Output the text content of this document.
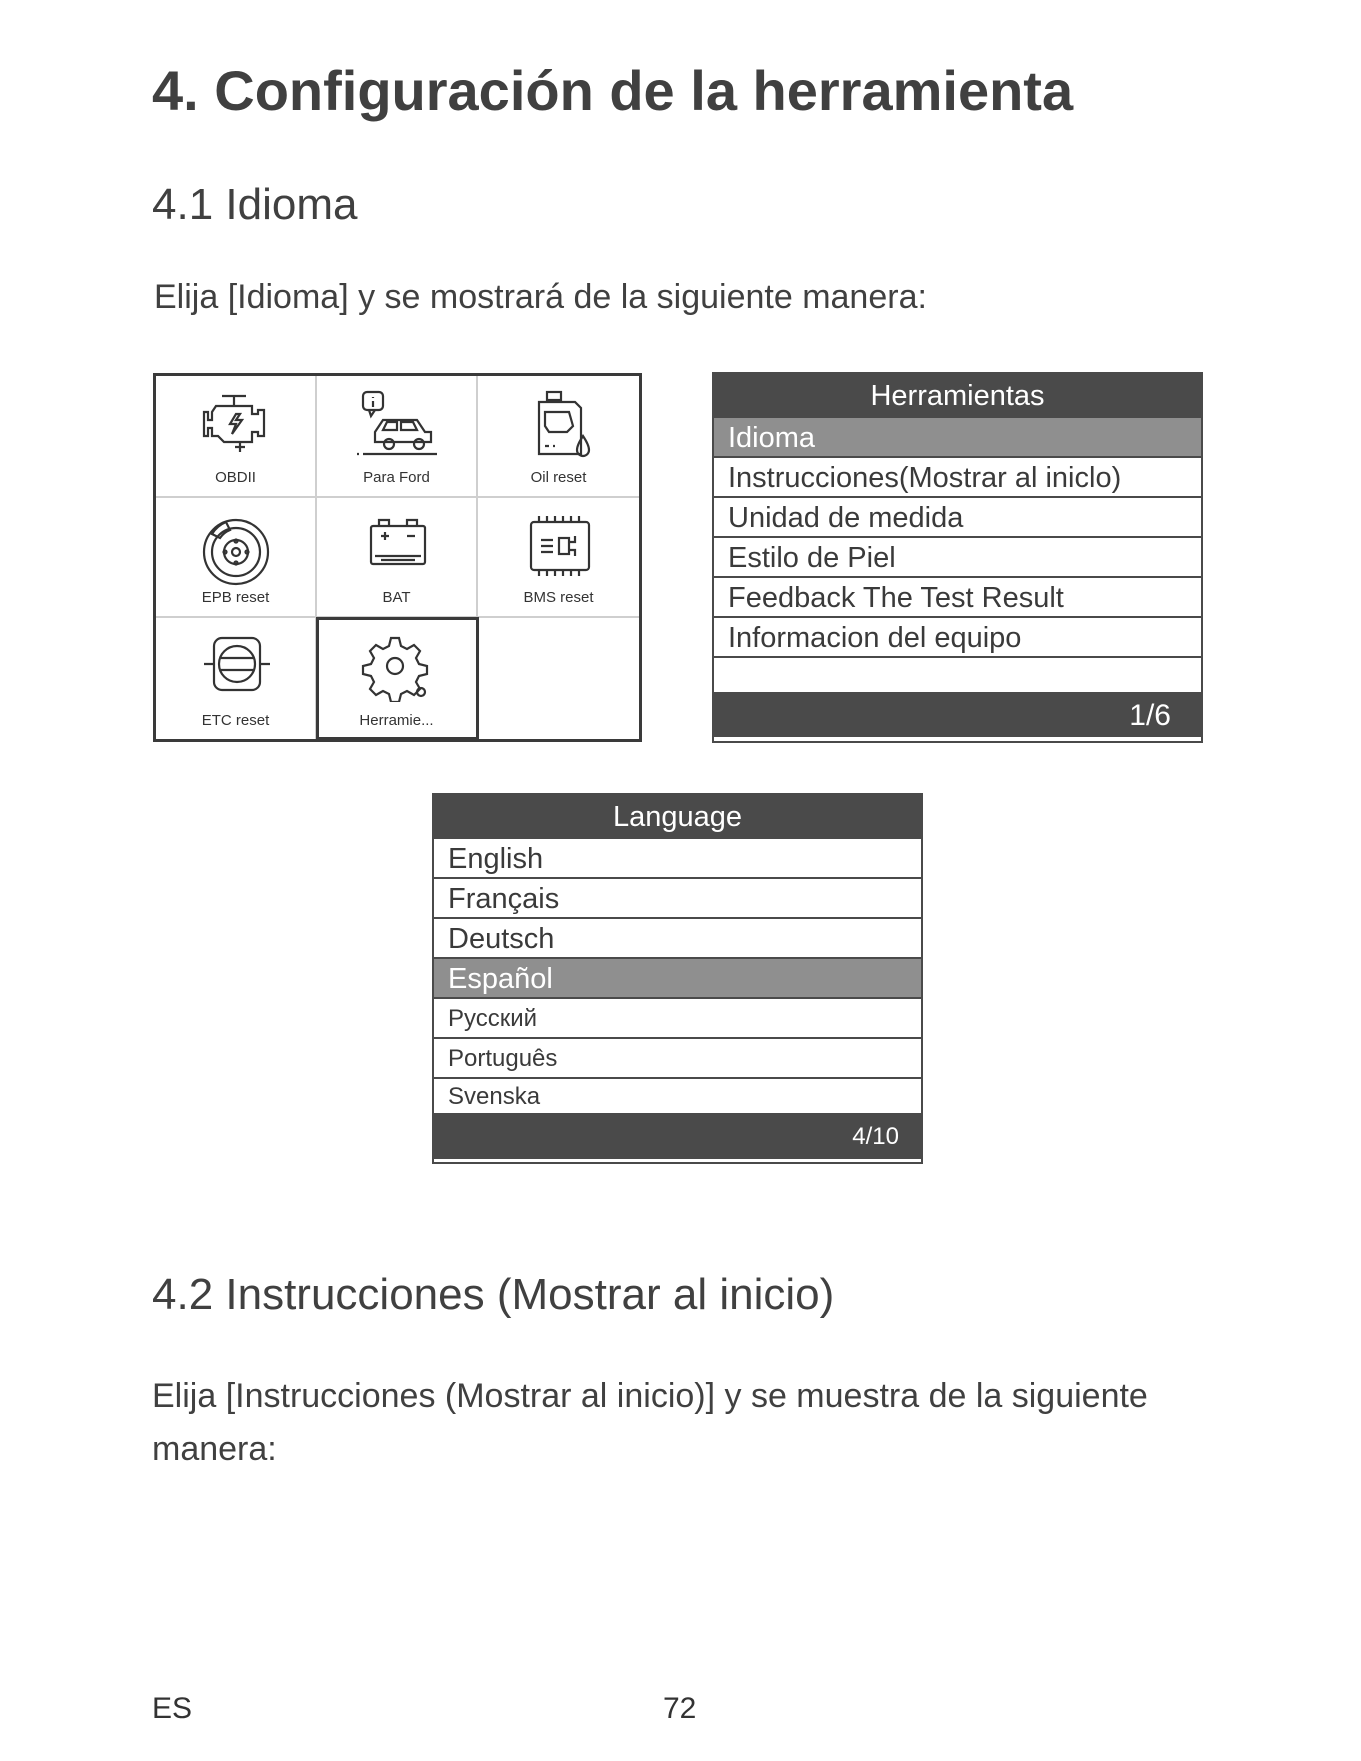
4. Configuración de la herramienta
4.1 Idioma
Elija [Idioma] y se mostrará de la siguiente manera:
OBDII	Para Ford	Oil reset
EPB reset	BAT	BMS reset
ETC reset	Herramie...
Herramientas
Idioma
Instrucciones(Mostrar al iniclo)
Unidad de medida
Estilo de Piel
Feedback The Test Result
Informacion del equipo
1/6
Language
English
Français
Deutsch
Español
Русский
Português
Svenska
4/10
4.2 Instrucciones (Mostrar al inicio)
Elija [Instrucciones (Mostrar al inicio)] y se muestra de la siguiente manera:
ES	72
